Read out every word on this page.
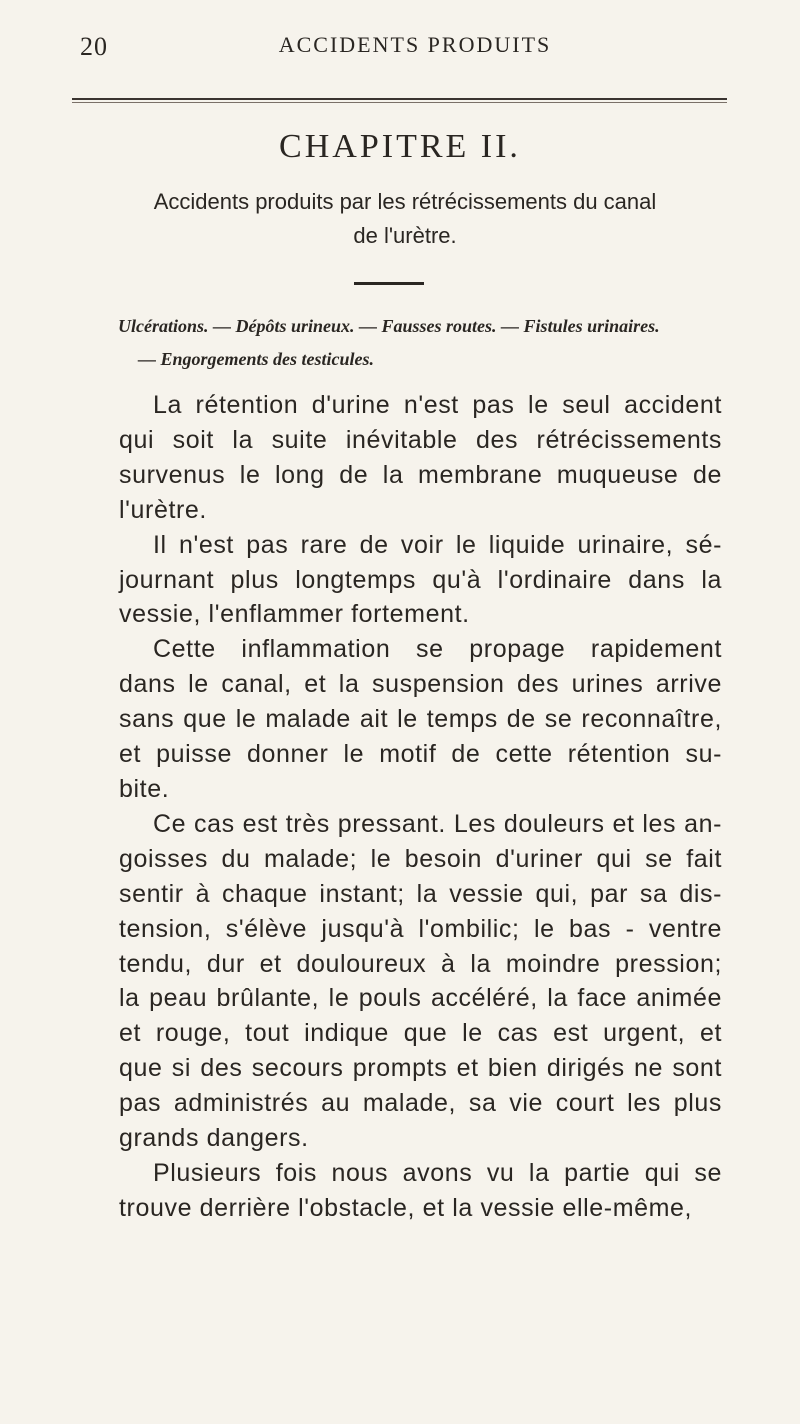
20	ACCIDENTS PRODUITS
CHAPITRE II.
Accidents produits par les rétrécissements du canal
de l'urètre.
Ulcérations. — Dépôts urineux. — Fausses routes. — Fistules urinaires.
— Engorgements des testicules.
La rétention d'urine n'est pas le seul accident
qui soit la suite inévitable des rétrécissements
survenus le long de la membrane muqueuse de
l'urètre.
Il n'est pas rare de voir le liquide urinaire, sé-
journant plus longtemps qu'à l'ordinaire dans la
vessie, l'enflammer fortement.
Cette inflammation se propage rapidement
dans le canal, et la suspension des urines arrive
sans que le malade ait le temps de se reconnaître,
et puisse donner le motif de cette rétention su-
bite.
Ce cas est très pressant. Les douleurs et les an-
goisses du malade; le besoin d'uriner qui se fait
sentir à chaque instant; la vessie qui, par sa dis-
tension, s'élève jusqu'à l'ombilic; le bas - ventre
tendu, dur et douloureux à la moindre pression;
la peau brûlante, le pouls accéléré, la face animée
et rouge, tout indique que le cas est urgent, et
que si des secours prompts et bien dirigés ne sont
pas administrés au malade, sa vie court les plus
grands dangers.
Plusieurs fois nous avons vu la partie qui se
trouve derrière l'obstacle, et la vessie elle-même,
